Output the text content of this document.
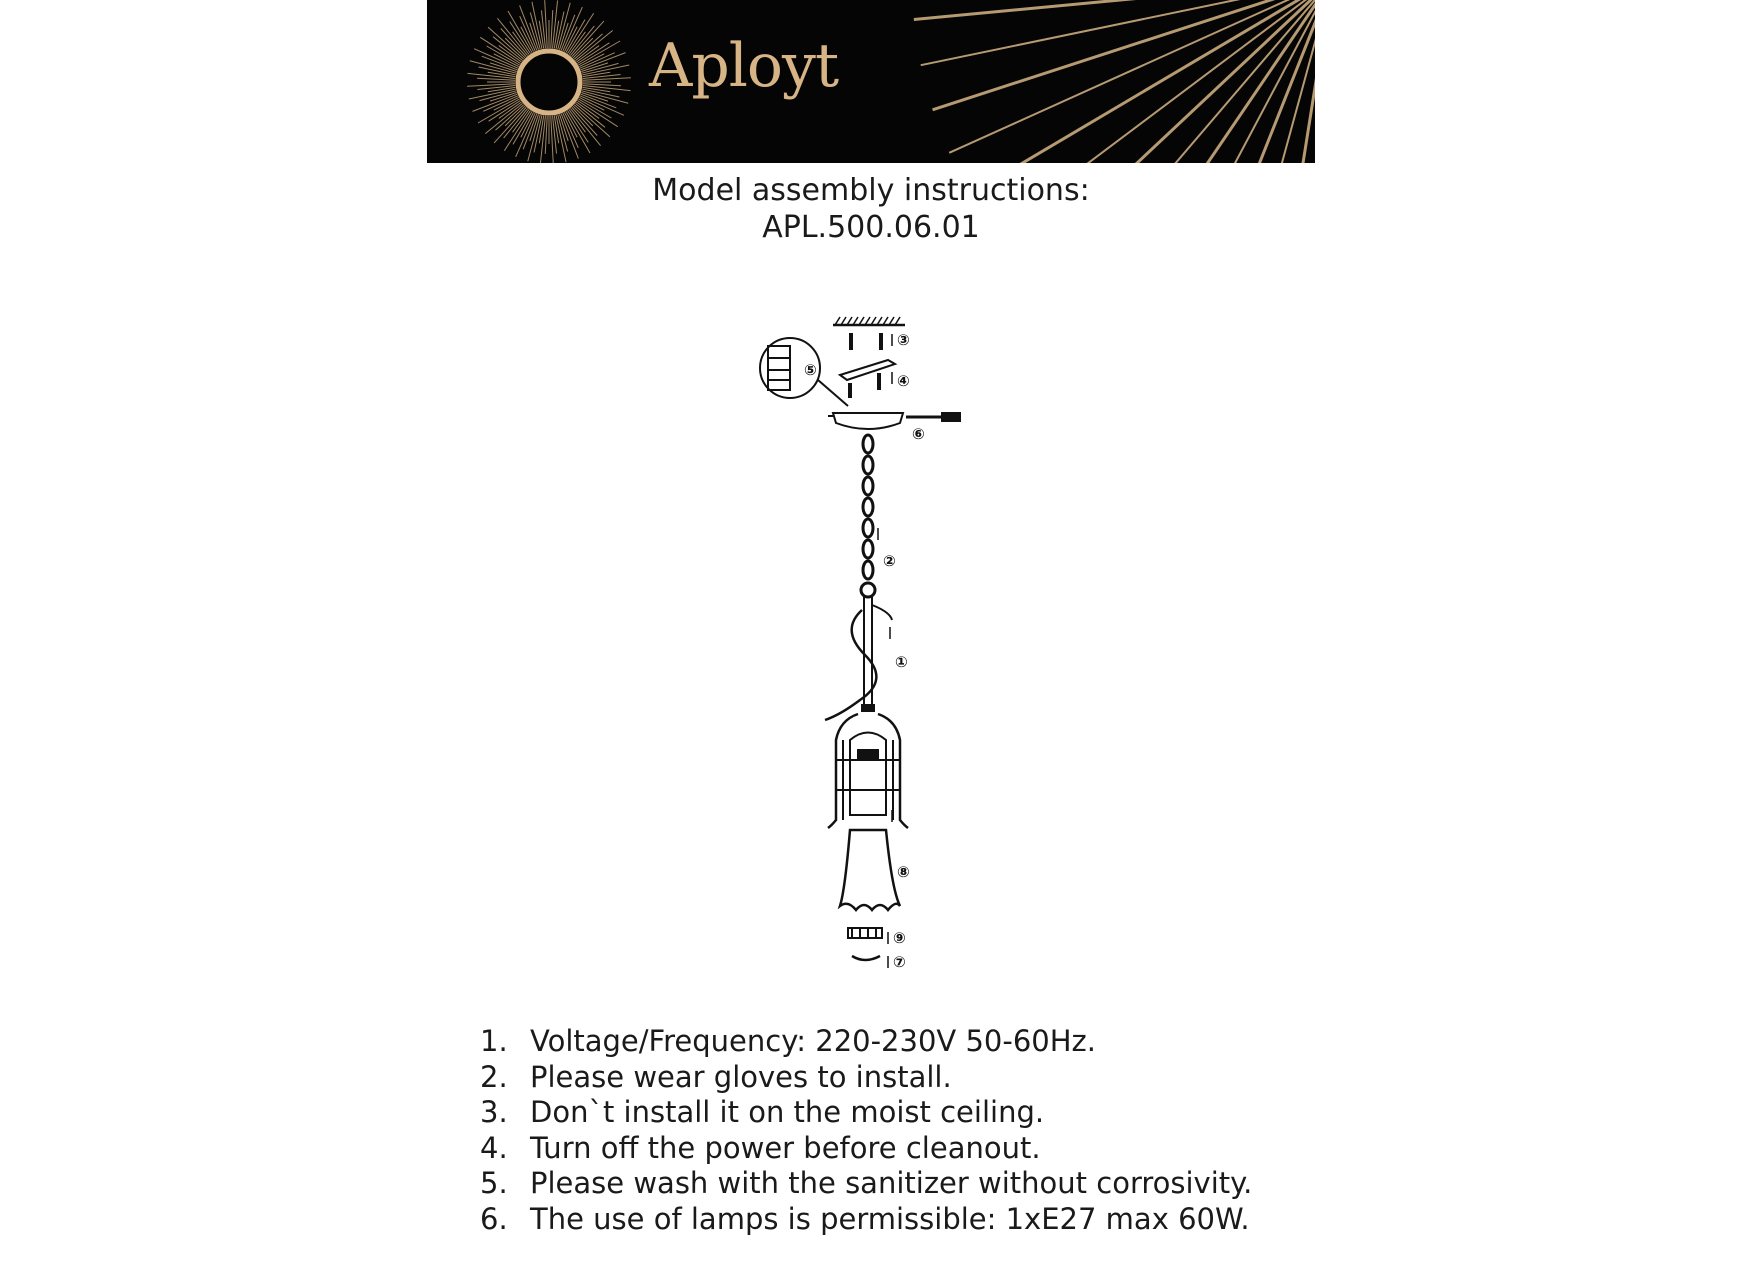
Aployt
Model assembly instructions:
APL.500.06.01
③
④
⑤
⑥
②
①
⑧
⑨
⑦
1. Voltage/Frequency: 220-230V 50-60Hz.
2. Please wear gloves to install.
3. Don`t install it on the moist ceiling.
4. Turn off the power before cleanout.
5. Please wash with the sanitizer without corrosivity.
6. The use of lamps is permissible: 1xE27 max 60W.
